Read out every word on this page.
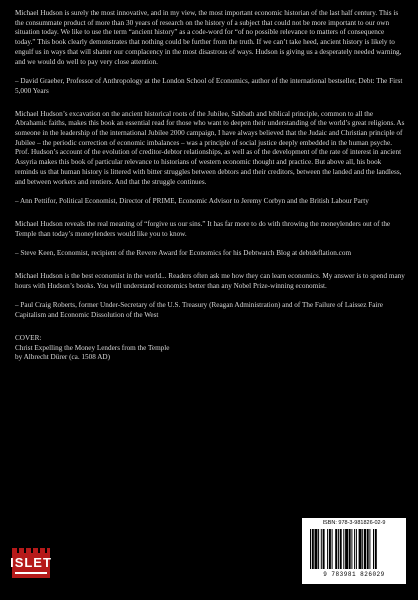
Michael Hudson is surely the most innovative, and in my view, the most important economic historian of the last half century. This is the consummate product of more than 30 years of research on the history of a subject that could not be more important to our own situation today. We like to use the term “ancient history” as a code-word for “of no possible relevance to matters of consequence today.” This book clearly demonstrates that nothing could be further from the truth. If we can’t take heed, ancient history is likely to engulf us in ways that will shatter our complacency in the most disastrous of ways. Hudson is giving us a desperately needed warning, and we would do well to pay very close attention.

– David Graeber, Professor of Anthropology at the London School of Economics, author of the international bestseller, Debt: The First 5,000 Years

Michael Hudson’s excavation on the ancient historical roots of the Jubilee, Sabbath and biblical principle, common to all the Abrahamic faiths, makes this book an essential read for those who want to deepen their understanding of the world’s great religions. As someone in the leadership of the international Jubilee 2000 campaign, I have always believed that the Judaic and Christian principle of Jubilee – the periodic correction of economic imbalances – was a principle of social justice deeply embedded in the human psyche. Prof. Hudson’s account of the evolution of creditor-debtor relationships, as well as of the development of the rate of interest in ancient Assyria makes this book of particular relevance to historians of western economic thought and practice. But above all, his book reminds us that human history is littered with bitter struggles between debtors and their creditors, between the landed and the landless, and between workers and rentiers. And that the struggle continues.

– Ann Pettifor, Political Economist, Director of PRIME, Economic Advisor to Jeremy Corbyn and the British Labour Party

Michael Hudson reveals the real meaning of “forgive us our sins.” It has far more to do with throwing the moneylenders out of the Temple than today’s moneylenders would like you to know.

– Steve Keen, Economist, recipient of the Revere Award for Economics for his Debtwatch Blog at debtdeflation.com

Michael Hudson is the best economist in the world... Readers often ask me how they can learn economics. My answer is to spend many hours with Hudson’s books. You will understand economics better than any Nobel Prize-winning economist.

– Paul Craig Roberts, former Under-Secretary of the U.S. Treasury (Reagan Administration) and of The Failure of Laissez Faire Capitalism and Economic Dissolution of the West

COVER:

Christ Expelling the Money Lenders from the Temple

by Albrecht Dürer (ca. 1508 AD)

ISLET
ISBN: 978-3-981826-02-9
9 783981 826029
